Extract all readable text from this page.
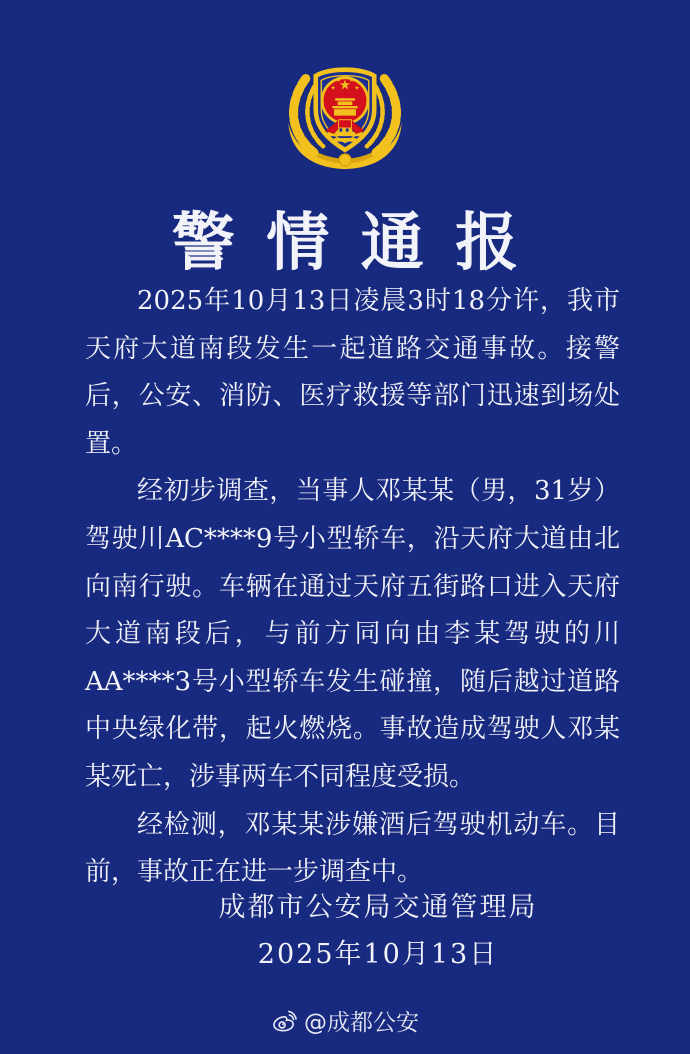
警情通报

2025年10月13日凌晨3时18分许，我市天府大道南段发生一起道路交通事故。接警后，公安、消防、医疗救援等部门迅速到场处置。

经初步调查，当事人邓某某（男，31岁）驾驶川AC****9号小型轿车，沿天府大道由北向南行驶。车辆在通过天府五街路口进入天府大道南段后，与前方同向由李某驾驶的川AA****3号小型轿车发生碰撞，随后越过道路中央绿化带，起火燃烧。事故造成驾驶人邓某某死亡，涉事两车不同程度受损。

经检测，邓某某涉嫌酒后驾驶机动车。目前，事故正在进一步调查中。

成都市公安局交通管理局
2025年10月13日
@成都公安
